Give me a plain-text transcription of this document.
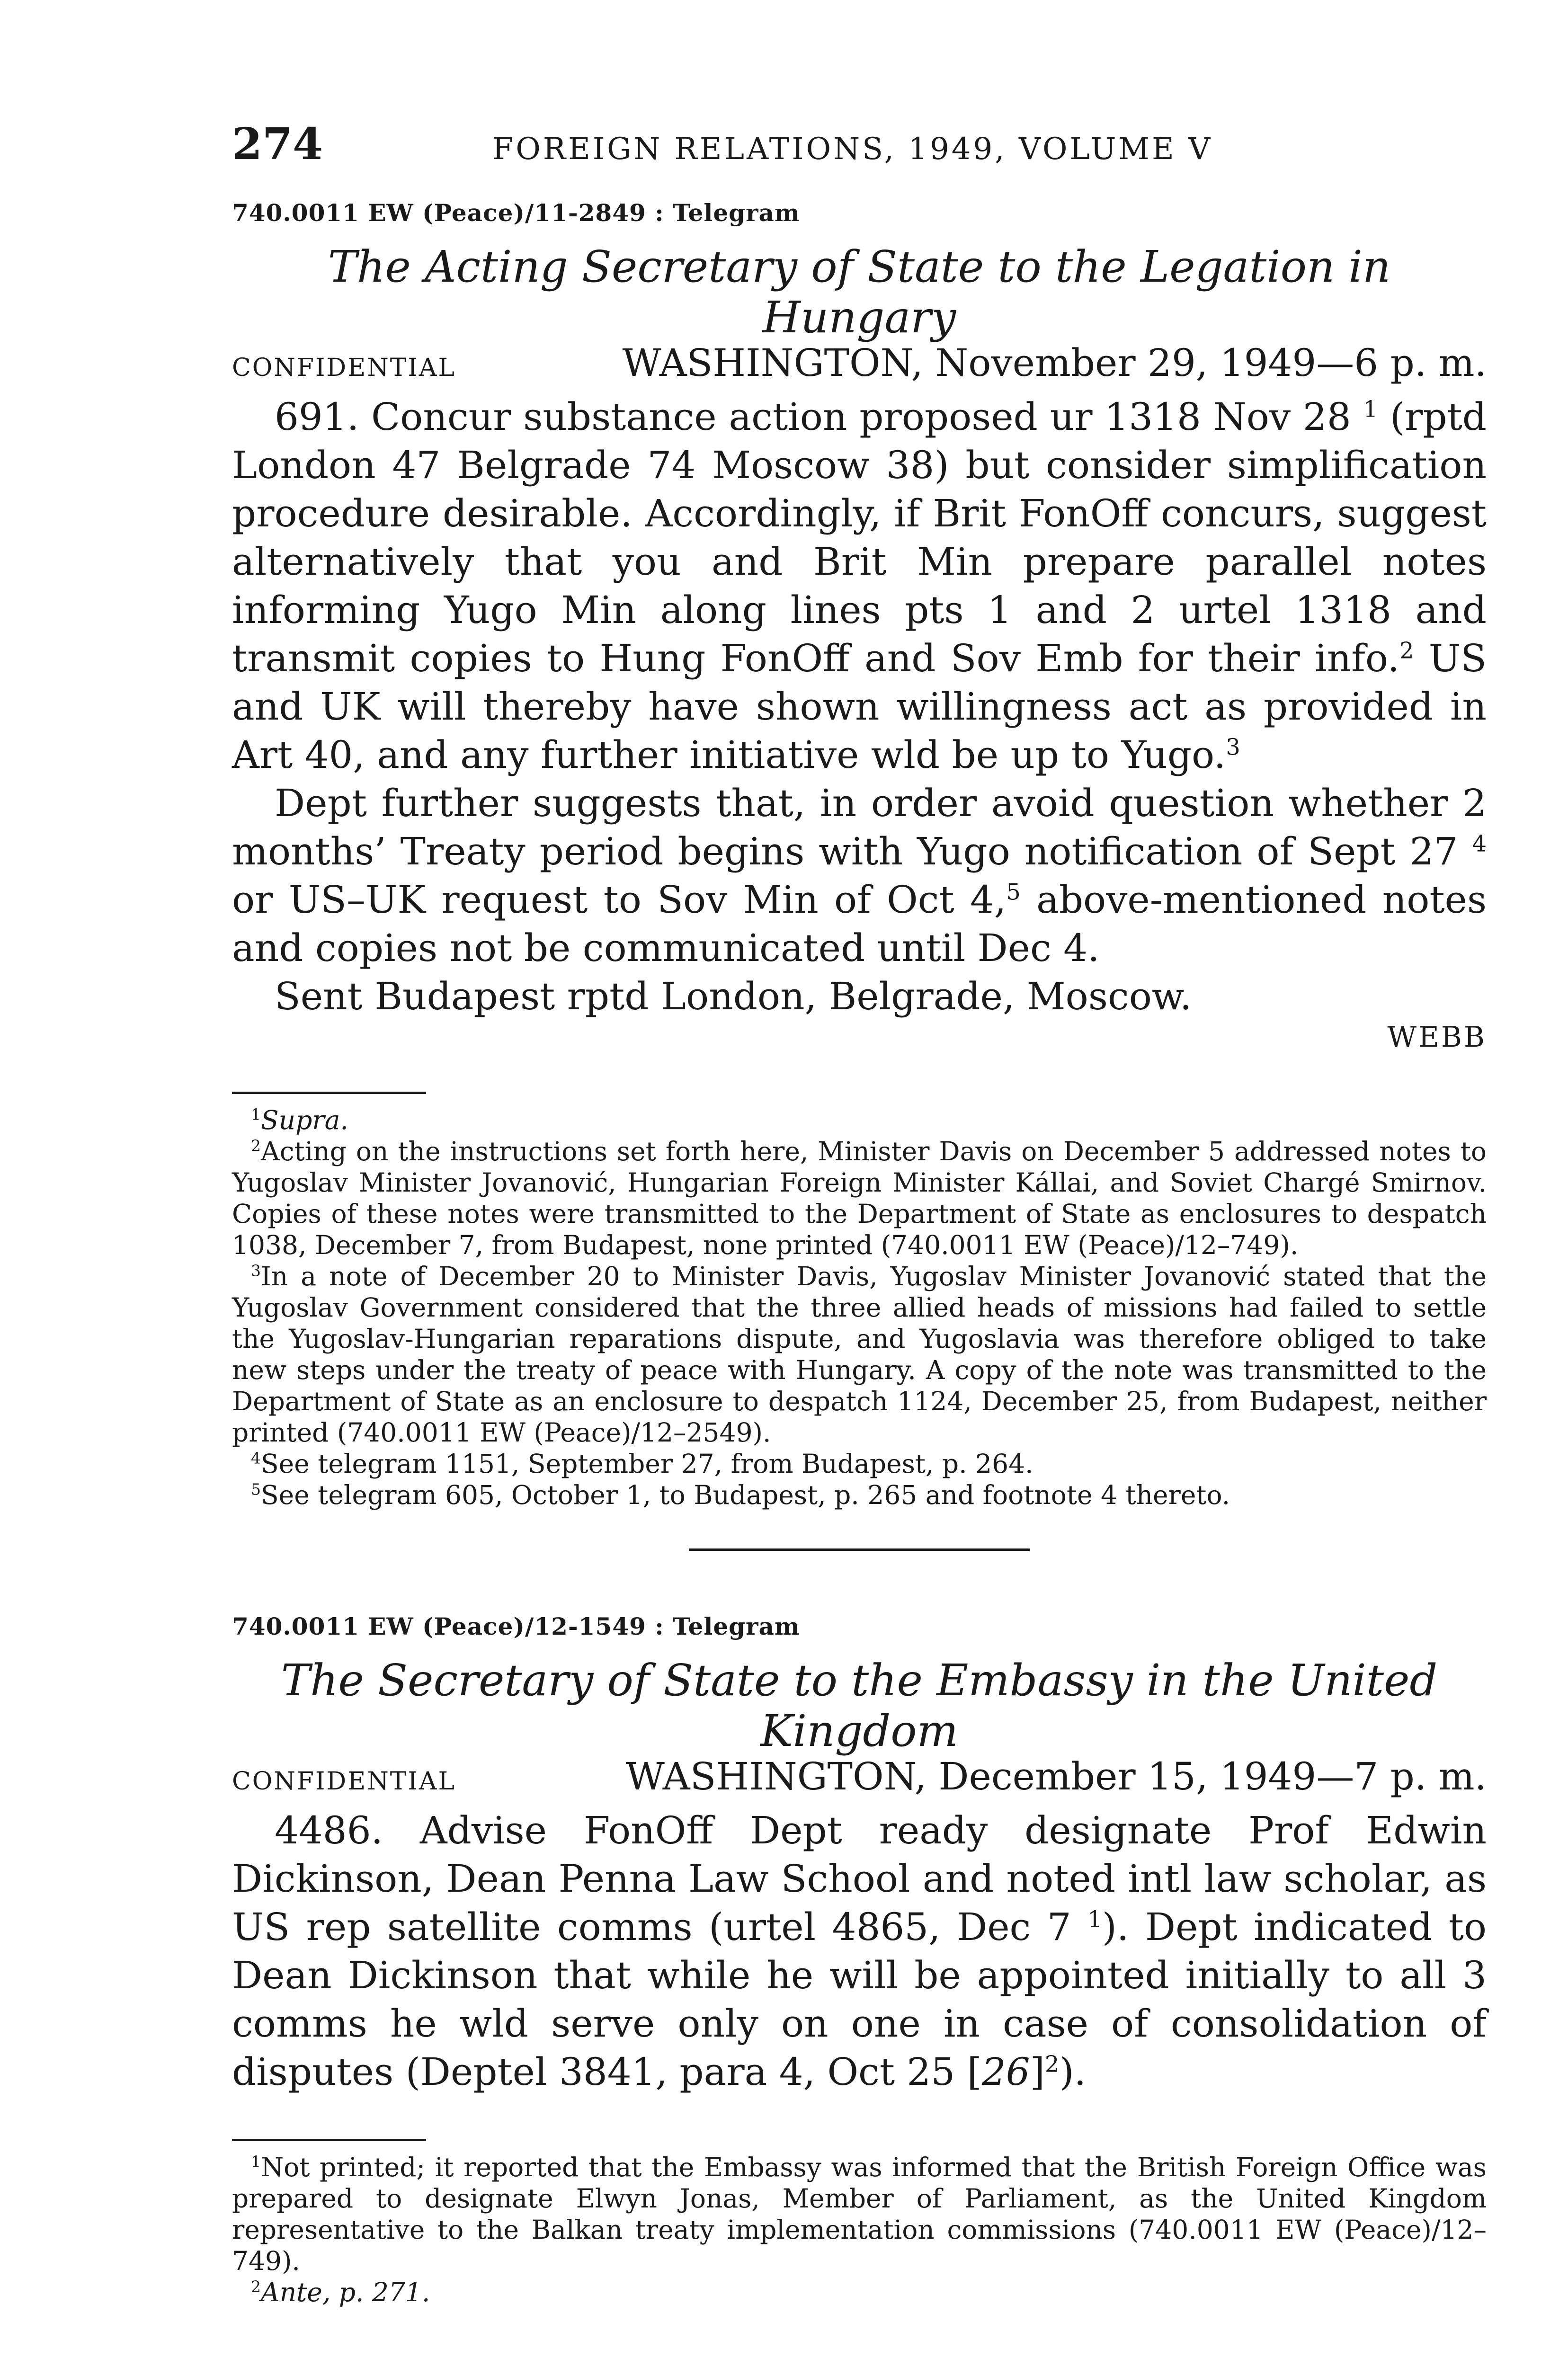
274	FOREIGN RELATIONS, 1949, VOLUME V
740.0011 EW (Peace)/11-2849 : Telegram
The Acting Secretary of State to the Legation in Hungary
CONFIDENTIAL	WASHINGTON, November 29, 1949—6 p. m.

691. Concur substance action proposed ur 1318 Nov 28 $^1$ (rptd London 47 Belgrade 74 Moscow 38) but consider simplification procedure desirable. Accordingly, if Brit FonOff concurs, suggest alternatively that you and Brit Min prepare parallel notes informing Yugo Min along lines pts 1 and 2 urtel 1318 and transmit copies to Hung FonOff and Sov Emb for their info.$^2$ US and UK will thereby have shown willingness act as provided in Art 40, and any further initiative wld be up to Yugo.$^3$

Dept further suggests that, in order avoid question whether 2 months’ Treaty period begins with Yugo notification of Sept 27 $^4$ or US–UK request to Sov Min of Oct 4,$^5$ above-mentioned notes and copies not be communicated until Dec 4.

Sent Budapest rptd London, Belgrade, Moscow.

WEBB

$^1$Supra.

$^2$Acting on the instructions set forth here, Minister Davis on December 5 addressed notes to Yugoslav Minister Jovanović, Hungarian Foreign Minister Kállai, and Soviet Chargé Smirnov. Copies of these notes were transmitted to the Department of State as enclosures to despatch 1038, December 7, from Budapest, none printed (740.0011 EW (Peace)/12–749).

$^3$In a note of December 20 to Minister Davis, Yugoslav Minister Jovanović stated that the Yugoslav Government considered that the three allied heads of missions had failed to settle the Yugoslav-Hungarian reparations dispute, and Yugoslavia was therefore obliged to take new steps under the treaty of peace with Hungary. A copy of the note was transmitted to the Department of State as an enclosure to despatch 1124, December 25, from Budapest, neither printed (740.0011 EW (Peace)/12–2549).

$^4$See telegram 1151, September 27, from Budapest, p. 264.

$^5$See telegram 605, October 1, to Budapest, p. 265 and footnote 4 thereto.

740.0011 EW (Peace)/12-1549 : Telegram
The Secretary of State to the Embassy in the United Kingdom
CONFIDENTIAL	WASHINGTON, December 15, 1949—7 p. m.

4486. Advise FonOff Dept ready designate Prof Edwin Dickinson, Dean Penna Law School and noted intl law scholar, as US rep satellite comms (urtel 4865, Dec 7 $^1$). Dept indicated to Dean Dickinson that while he will be appointed initially to all 3 comms he wld serve only on one in case of consolidation of disputes (Deptel 3841, para 4, Oct 25 $[26]^2$).

$^1$Not printed; it reported that the Embassy was informed that the British Foreign Office was prepared to designate Elwyn Jonas, Member of Parliament, as the United Kingdom representative to the Balkan treaty implementation commissions (740.0011 EW (Peace)/12–749).

$^2$Ante, p. 271.
